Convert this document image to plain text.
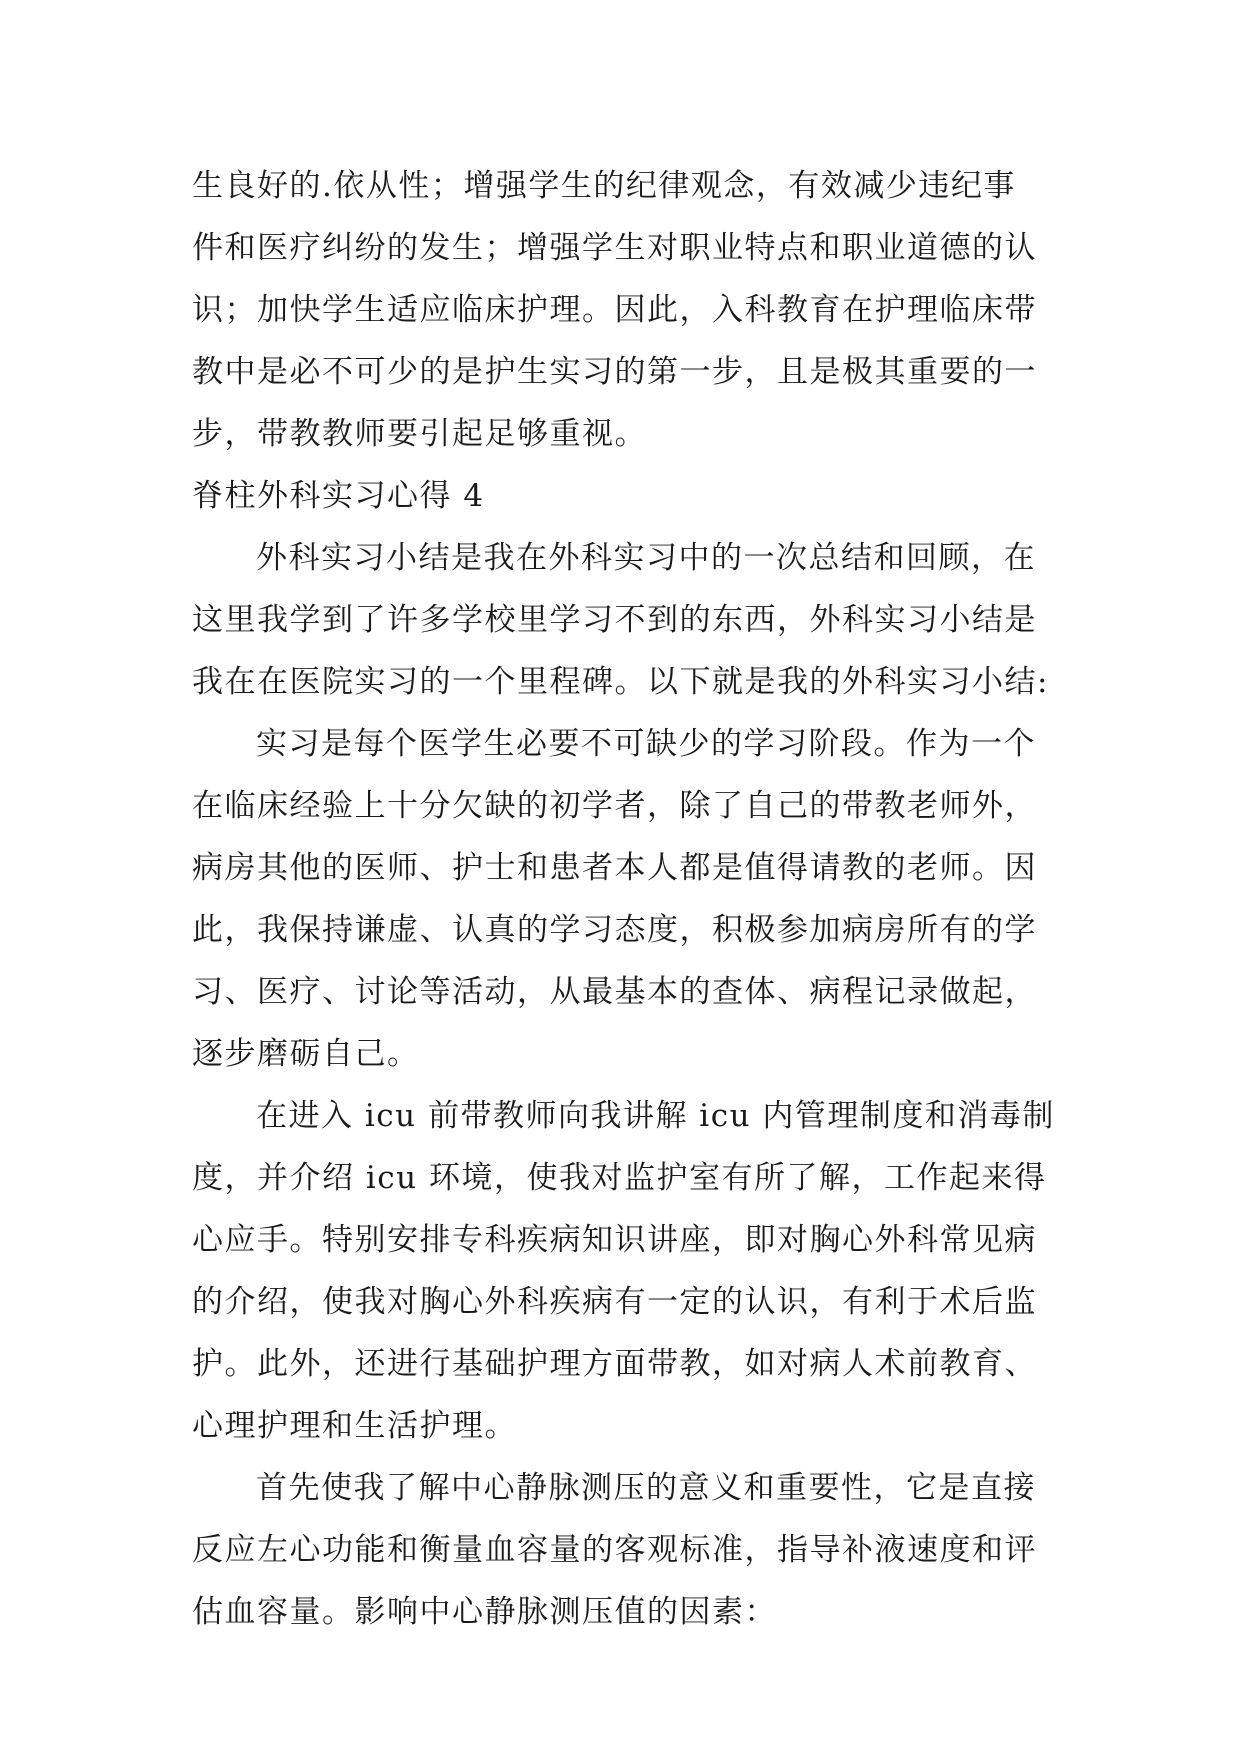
生良好的.依从性；增强学生的纪律观念，有效减少违纪事
件和医疗纠纷的发生；增强学生对职业特点和职业道德的认
识；加快学生适应临床护理。因此，入科教育在护理临床带
教中是必不可少的是护生实习的第一步，且是极其重要的一
步，带教教师要引起足够重视。
脊柱外科实习心得 4
外科实习小结是我在外科实习中的一次总结和回顾，在
这里我学到了许多学校里学习不到的东西，外科实习小结是
我在在医院实习的一个里程碑。以下就是我的外科实习小结:
实习是每个医学生必要不可缺少的学习阶段。作为一个
在临床经验上十分欠缺的初学者，除了自己的带教老师外，
病房其他的医师、护士和患者本人都是值得请教的老师。因
此，我保持谦虚、认真的学习态度，积极参加病房所有的学
习、医疗、讨论等活动，从最基本的查体、病程记录做起，
逐步磨砺自己。
在进入 icu 前带教师向我讲解 icu 内管理制度和消毒制
度，并介绍 icu 环境，使我对监护室有所了解，工作起来得
心应手。特别安排专科疾病知识讲座，即对胸心外科常见病
的介绍，使我对胸心外科疾病有一定的认识，有利于术后监
护。此外，还进行基础护理方面带教，如对病人术前教育、
心理护理和生活护理。
首先使我了解中心静脉测压的意义和重要性，它是直接
反应左心功能和衡量血容量的客观标准，指导补液速度和评
估血容量。影响中心静脉测压值的因素：
